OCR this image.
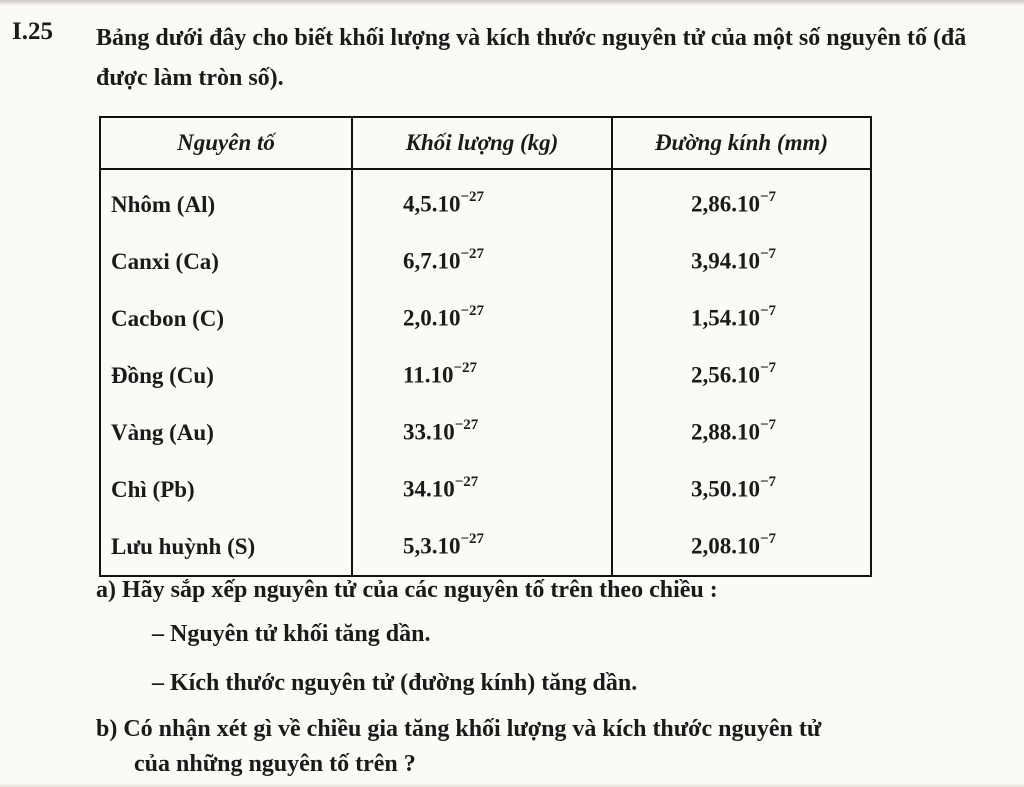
I.25 Bảng dưới đây cho biết khối lượng và kích thước nguyên tử của một số nguyên tố (đã được làm tròn số).
Nguyên tố	Khối lượng (kg)	Đường kính (mm)
Nhôm (Al)	$4,5.10^{-27}$	$2,86.10^{-7}$
Canxi (Ca)	$6,7.10^{-27}$	$3,94.10^{-7}$
Cacbon (C)	$2,0.10^{-27}$	$1,54.10^{-7}$
Đồng (Cu)	$11.10^{-27}$	$2,56.10^{-7}$
Vàng (Au)	$33.10^{-27}$	$2,88.10^{-7}$
Chì (Pb)	$34.10^{-27}$	$3,50.10^{-7}$
Lưu huỳnh (S)	$5,3.10^{-27}$	$2,08.10^{-7}$
a) Hãy sắp xếp nguyên tử của các nguyên tố trên theo chiều :
– Nguyên tử khối tăng dần.
– Kích thước nguyên tử (đường kính) tăng dần.
b) Có nhận xét gì về chiều gia tăng khối lượng và kích thước nguyên tử
của những nguyên tố trên ?
